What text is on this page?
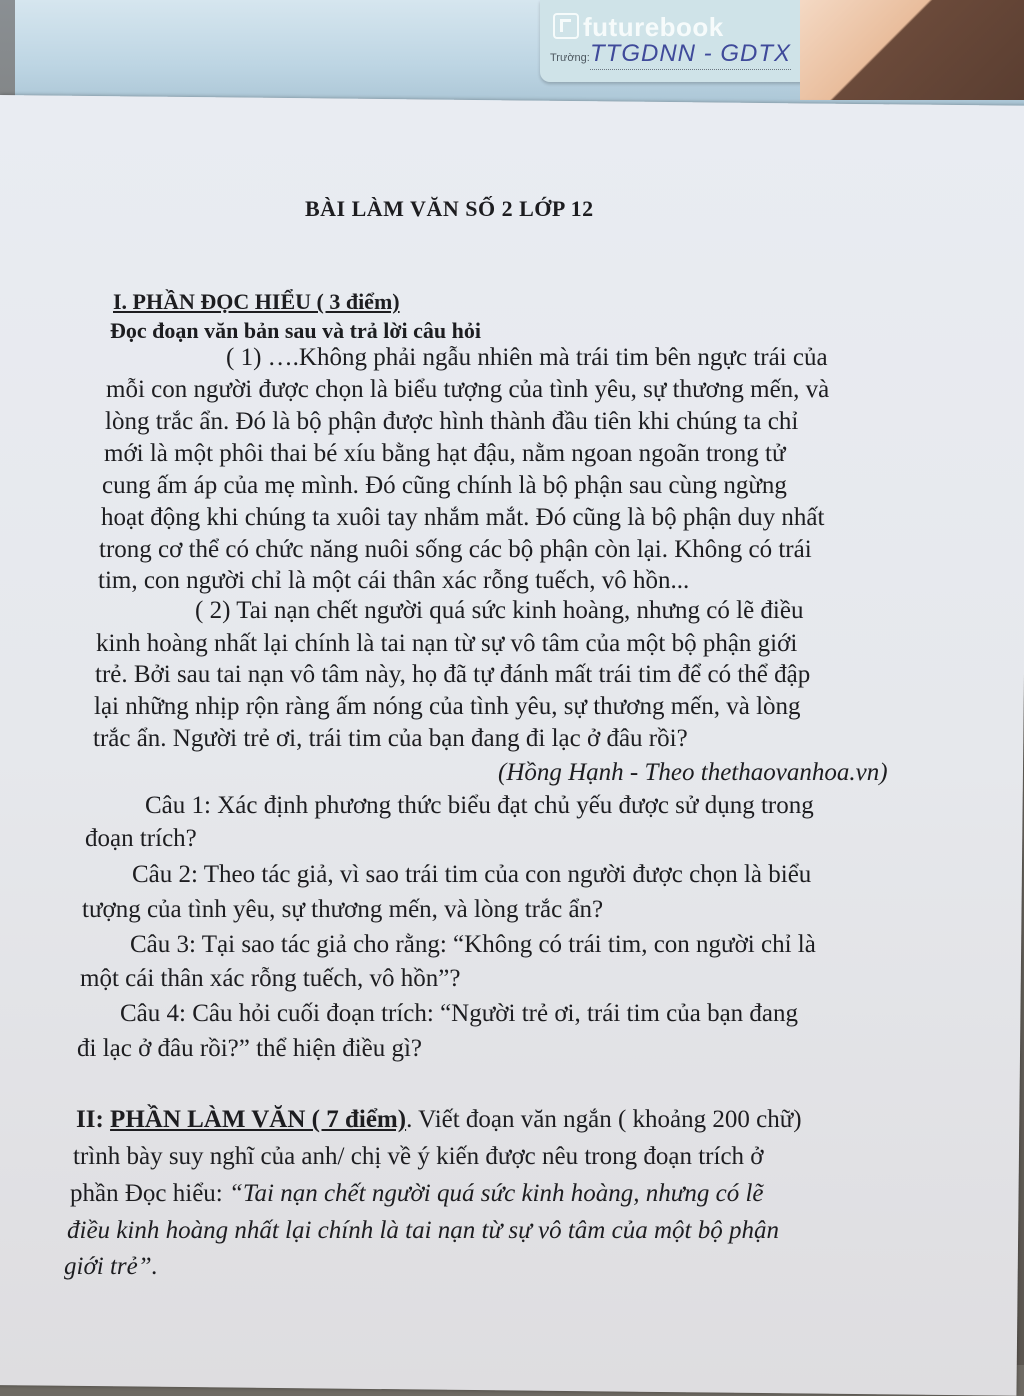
futurebook
Trường: TTGDNN - GDTX
BÀI LÀM VĂN SỐ 2 LỚP 12
I. PHẦN ĐỌC HIỂU ( 3 điểm)
Đọc đoạn văn bản sau và trả lời câu hỏi
( 1) ….Không phải ngẫu nhiên mà trái tim bên ngực trái của
mỗi con người được chọn là biểu tượng của tình yêu, sự thương mến, và
lòng trắc ẩn. Đó là bộ phận được hình thành đầu tiên khi chúng ta chỉ
mới là một phôi thai bé xíu bằng hạt đậu, nằm ngoan ngoãn trong tử
cung ấm áp của mẹ mình. Đó cũng chính là bộ phận sau cùng ngừng
hoạt động khi chúng ta xuôi tay nhắm mắt. Đó cũng là bộ phận duy nhất
trong cơ thể có chức năng nuôi sống các bộ phận còn lại. Không có trái
tim, con người chỉ là một cái thân xác rỗng tuếch, vô hồn...
( 2) Tai nạn chết người quá sức kinh hoàng, nhưng có lẽ điều
kinh hoàng nhất lại chính là tai nạn từ sự vô tâm của một bộ phận giới
trẻ. Bởi sau tai nạn vô tâm này, họ đã tự đánh mất trái tim để có thể đập
lại những nhịp rộn ràng ấm nóng của tình yêu, sự thương mến, và lòng
trắc ẩn. Người trẻ ơi, trái tim của bạn đang đi lạc ở đâu rồi?
(Hồng Hạnh - Theo thethaovanhoa.vn)
Câu 1: Xác định phương thức biểu đạt chủ yếu được sử dụng trong
đoạn trích?
Câu 2: Theo tác giả, vì sao trái tim của con người được chọn là biểu
tượng của tình yêu, sự thương mến, và lòng trắc ẩn?
Câu 3: Tại sao tác giả cho rằng: “Không có trái tim, con người chỉ là
một cái thân xác rỗng tuếch, vô hồn”?
Câu 4: Câu hỏi cuối đoạn trích: “Người trẻ ơi, trái tim của bạn đang
đi lạc ở đâu rồi?” thể hiện điều gì?
II: PHẦN LÀM VĂN ( 7 điểm). Viết đoạn văn ngắn ( khoảng 200 chữ)
trình bày suy nghĩ của anh/ chị về ý kiến được nêu trong đoạn trích ở
phần Đọc hiểu: “Tai nạn chết người quá sức kinh hoàng, nhưng có lẽ
điều kinh hoàng nhất lại chính là tai nạn từ sự vô tâm của một bộ phận
giới trẻ”.
